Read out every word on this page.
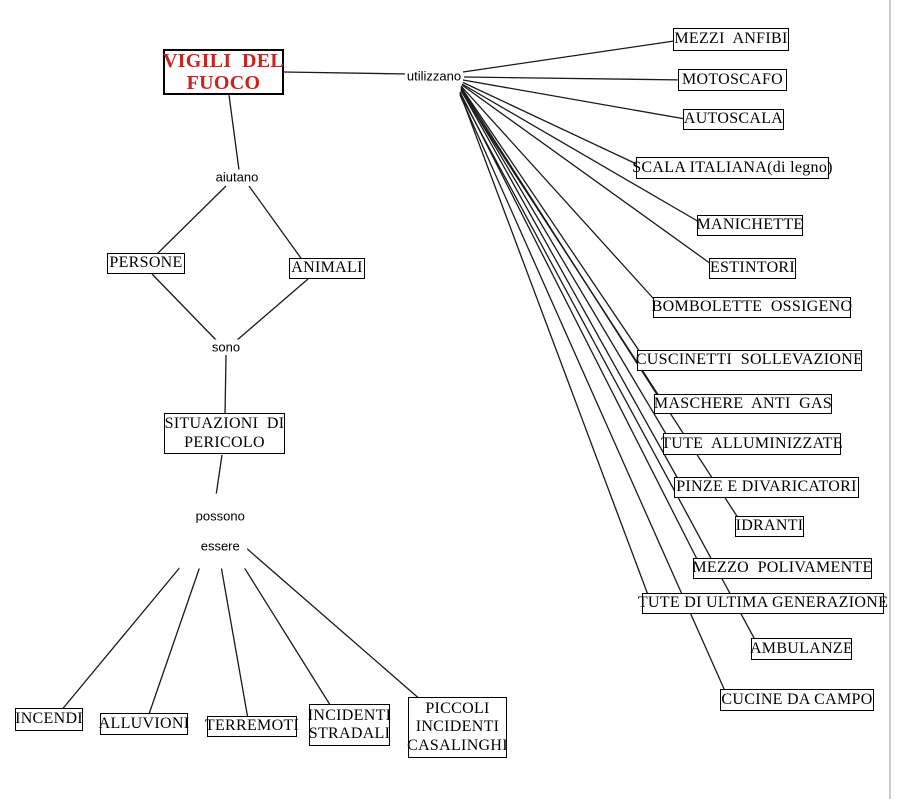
VIGILI  DEL
FUOCO
aiutano
utilizzano
sono

possono

essere

PERSONE	ANIMALI
SITUAZIONI  DI
PERICOLO
INCENDI ALLUVIONI TERREMOTI
INCIDENTI
STRADALI
PICCOLI
INCIDENTI
CASALINGHI
MEZZI  ANFIBI
MOTOSCAFO
AUTOSCALA
SCALA ITALIANA(di legno)
MANICHETTE
ESTINTORI
BOMBOLETTE  OSSIGENO
CUSCINETTI  SOLLEVAZIONE
MASCHERE  ANTI  GAS
TUTE  ALLUMINIZZATE
PINZE E DIVARICATORI
IDRANTI
MEZZO  POLIVAMENTE
TUTE DI ULTIMA GENERAZIONE
AMBULANZE
CUCINE DA CAMPO
